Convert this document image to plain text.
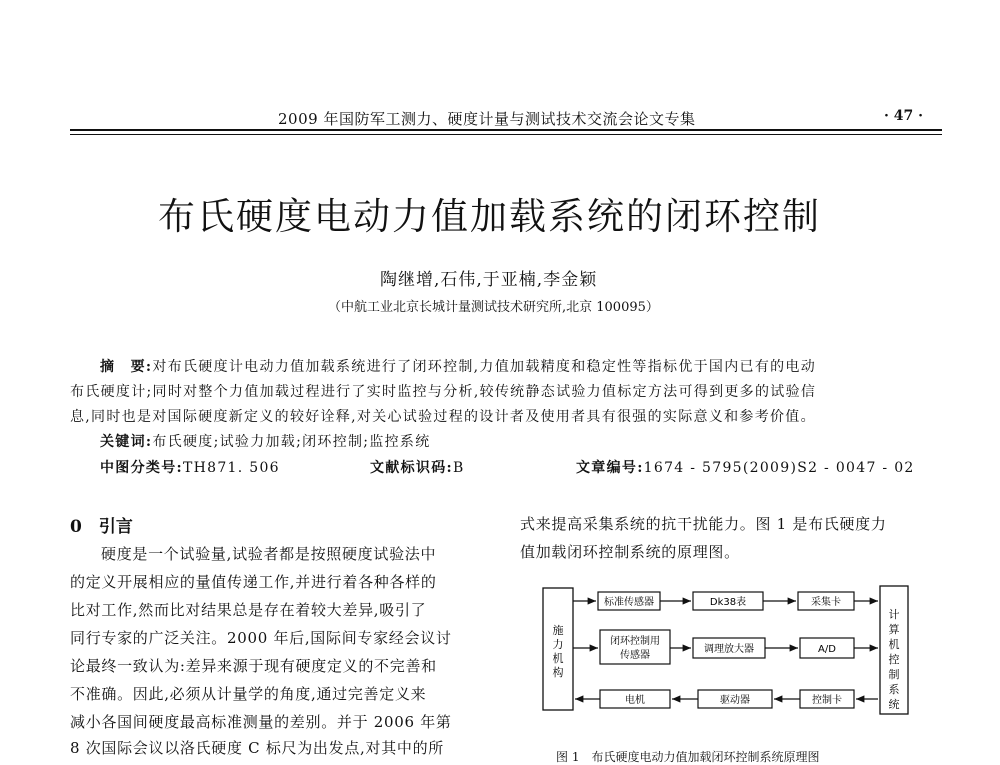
2009 年国防军工测力、硬度计量与测试技术交流会论文专集	· 47 ·
布氏硬度电动力值加载系统的闭环控制
陶继增,石伟,于亚楠,李金颖
（中航工业北京长城计量测试技术研究所,北京 100095）
摘　要:对布氏硬度计电动力值加载系统进行了闭环控制,力值加载精度和稳定性等指标优于国内已有的电动
布氏硬度计;同时对整个力值加载过程进行了实时监控与分析,较传统静态试验力值标定方法可得到更多的试验信
息,同时也是对国际硬度新定义的较好诠释,对关心试验过程的设计者及使用者具有很强的实际意义和参考价值。
关键词:布氏硬度;试验力加载;闭环控制;监控系统
中图分类号:TH871. 506	文献标识码:B	文章编号:1674 - 5795(2009)S2 - 0047 - 02
0　引言
硬度是一个试验量,试验者都是按照硬度试验法中
的定义开展相应的量值传递工作,并进行着各种各样的
比对工作,然而比对结果总是存在着较大差异,吸引了
同行专家的广泛关注。2000 年后,国际间专家经会议讨
论最终一致认为:差异来源于现有硬度定义的不完善和
不准确。因此,必须从计量学的角度,通过完善定义来
减小各国间硬度最高标准测量的差别。并于 2006 年第
8 次国际会议以洛氏硬度 C 标尺为出发点,对其中的所
式来提高采集系统的抗干扰能力。图 1 是布氏硬度力
值加载闭环控制系统的原理图。
施
力
机
构
计
算
机
控
制
系
统
标准传感器	Dk38表	采集卡
闭环控制用
传感器
调理放大器	A/D
电机	驱动器	控制卡
图 1　布氏硬度电动力值加载闭环控制系统原理图
